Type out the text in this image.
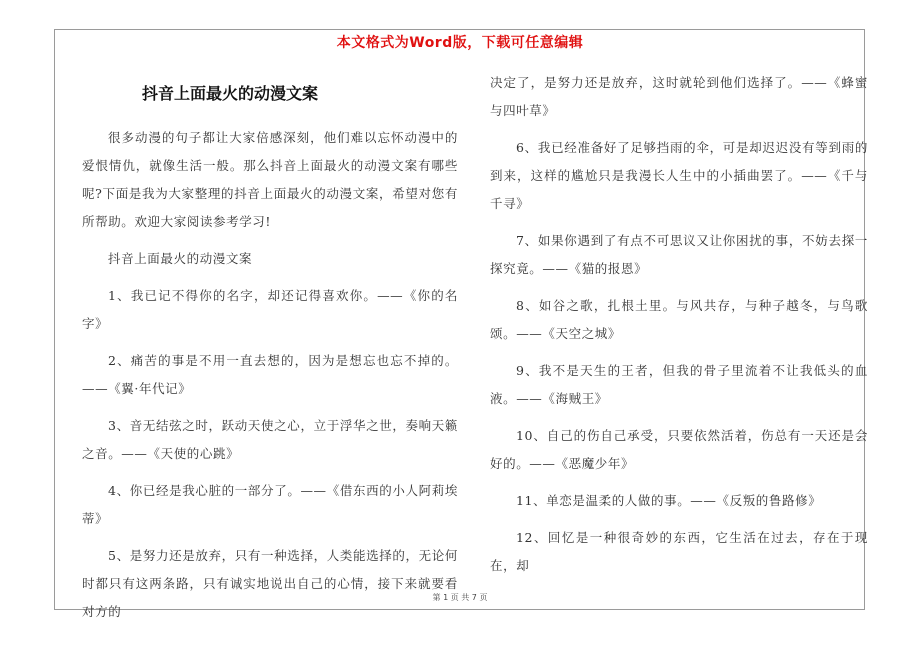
本文格式为Word版，下载可任意编辑
抖音上面最火的动漫文案

很多动漫的句子都让大家倍感深刻，他们难以忘怀动漫中的爱恨情仇，就像生活一般。那么抖音上面最火的动漫文案有哪些呢?下面是我为大家整理的抖音上面最火的动漫文案，希望对您有所帮助。欢迎大家阅读参考学习!

抖音上面最火的动漫文案

1、我已记不得你的名字，却还记得喜欢你。——《你的名字》

2、痛苦的事是不用一直去想的，因为是想忘也忘不掉的。——《翼·年代记》

3、音无结弦之时，跃动天使之心，立于浮华之世，奏响天籁之音。——《天使的心跳》

4、你已经是我心脏的一部分了。——《借东西的小人阿莉埃蒂》

5、是努力还是放弃，只有一种选择，人类能选择的，无论何时都只有这两条路，只有诚实地说出自己的心情，接下来就要看对方的

决定了，是努力还是放弃，这时就轮到他们选择了。——《蜂蜜与四叶草》

6、我已经准备好了足够挡雨的伞，可是却迟迟没有等到雨的到来，这样的尴尬只是我漫长人生中的小插曲罢了。——《千与千寻》

7、如果你遇到了有点不可思议又让你困扰的事，不妨去探一探究竟。——《猫的报恩》

8、如谷之歌，扎根土里。与风共存，与种子越冬，与鸟歌颂。——《天空之城》

9、我不是天生的王者，但我的骨子里流着不让我低头的血液。——《海贼王》

10、自己的伤自己承受，只要依然活着，伤总有一天还是会好的。——《恶魔少年》

11、单恋是温柔的人做的事。——《反叛的鲁路修》

12、回忆是一种很奇妙的东西，它生活在过去，存在于现在，却

第 1 页 共 7 页
